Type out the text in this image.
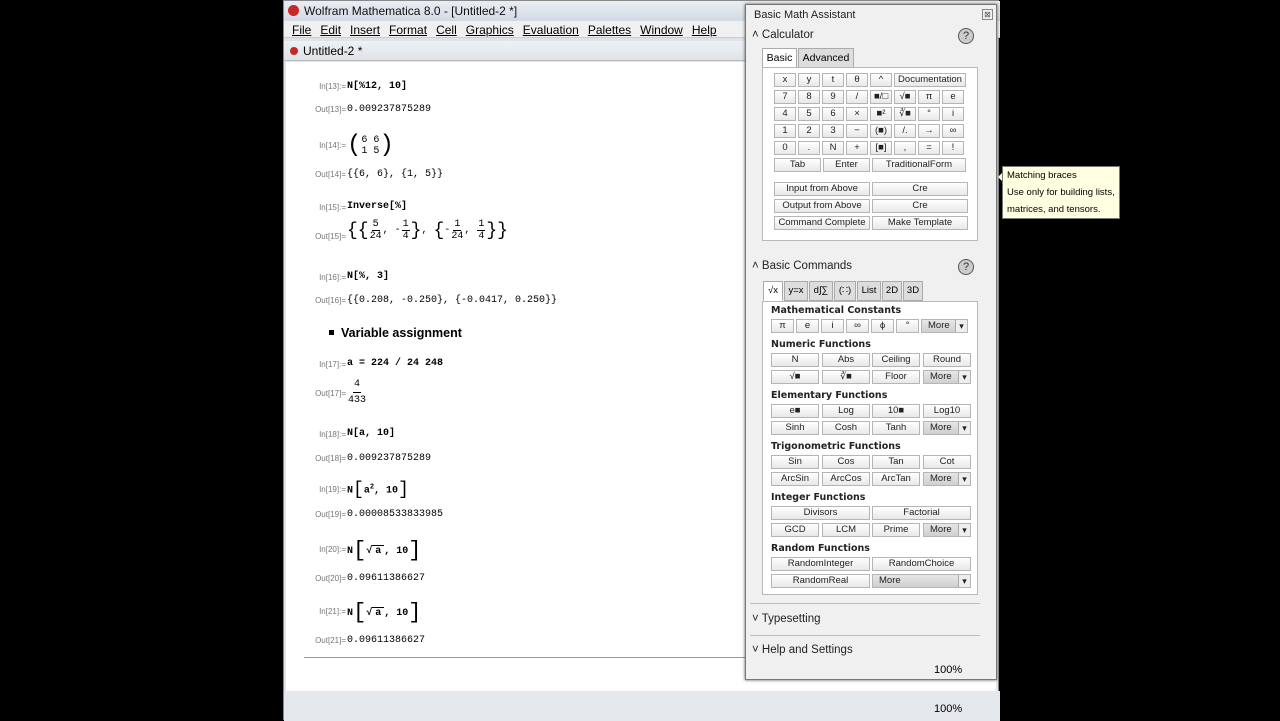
Wolfram Mathematica 8.0 - [Untitled-2 *]
File Edit Insert Format Cell Graphics Evaluation Palettes Window Help
Untitled-2 *
In[13]:= N[%12, 10]
Out[13]= 0.009237875289
In[14]:= ( 6 6
1 5 )
Out[14]= {{6, 6}, {1, 5}}
In[15]:= Inverse[%]
Out[15]= {{ $\frac{5}{24}$ , - $\frac{1}{4}$ } , { - $\frac{1}{24}$ , $\frac{1}{4}$ }}
In[16]:= N[%, 3]
Out[16]= {{0.208, -0.250}, {-0.0417, 0.250}}
Variable assignment
In[17]:= a = 224 / 24 248
$Out[17]= \frac{4}{433}$
In[18]:= N[a, 10]
Out[18]= 0.009237875289
In[19]:= $N[a^2$, 10]
Out[19]= 0.00008533833985
In[20]:= N[√ a , 10]
Out[20]= 0.09611386627
In[21]:= N[√ a , 10]
Out[21]= 0.09611386627
100%
Basic Math Assistant	⊠
˄ Calculator	?
Basic Advanced
˄ Basic Commands	?
˅ Typesetting
˅ Help and Settings
100%
x	y	t	θ	^	Documentation
7	8	9	/	■/□	√■	π	e
4	5	6	×	■²	∛■	°	i
1	2	3	−	(■)	/.	→	∞
0	.	N	+	[■]	,	=	!
Tab	Enter	TraditionalForm
Input from Above	Cre
Output from Above	Cre
Command Complete	Make Template
√x	y=x	d∫∑	(∷)	List	2D 3D
Mathematical Constants
π	e	i	∞	ϕ	°	More ▾
Numeric Functions
N	Abs	Ceiling	Round
√■	∛■	Floor	More ▾
Elementary Functions
e■	Log	10■	Log10
Sinh	Cosh	Tanh	More ▾
Trigonometric Functions
Sin	Cos	Tan	Cot
ArcSin	ArcCos	ArcTan	More ▾
Integer Functions
Divisors	Factorial
GCD	LCM	Prime	More ▾
Random Functions
RandomInteger	RandomChoice
RandomReal	More ▾
Matching braces
Use only for building lists,
matrices, and tensors.
